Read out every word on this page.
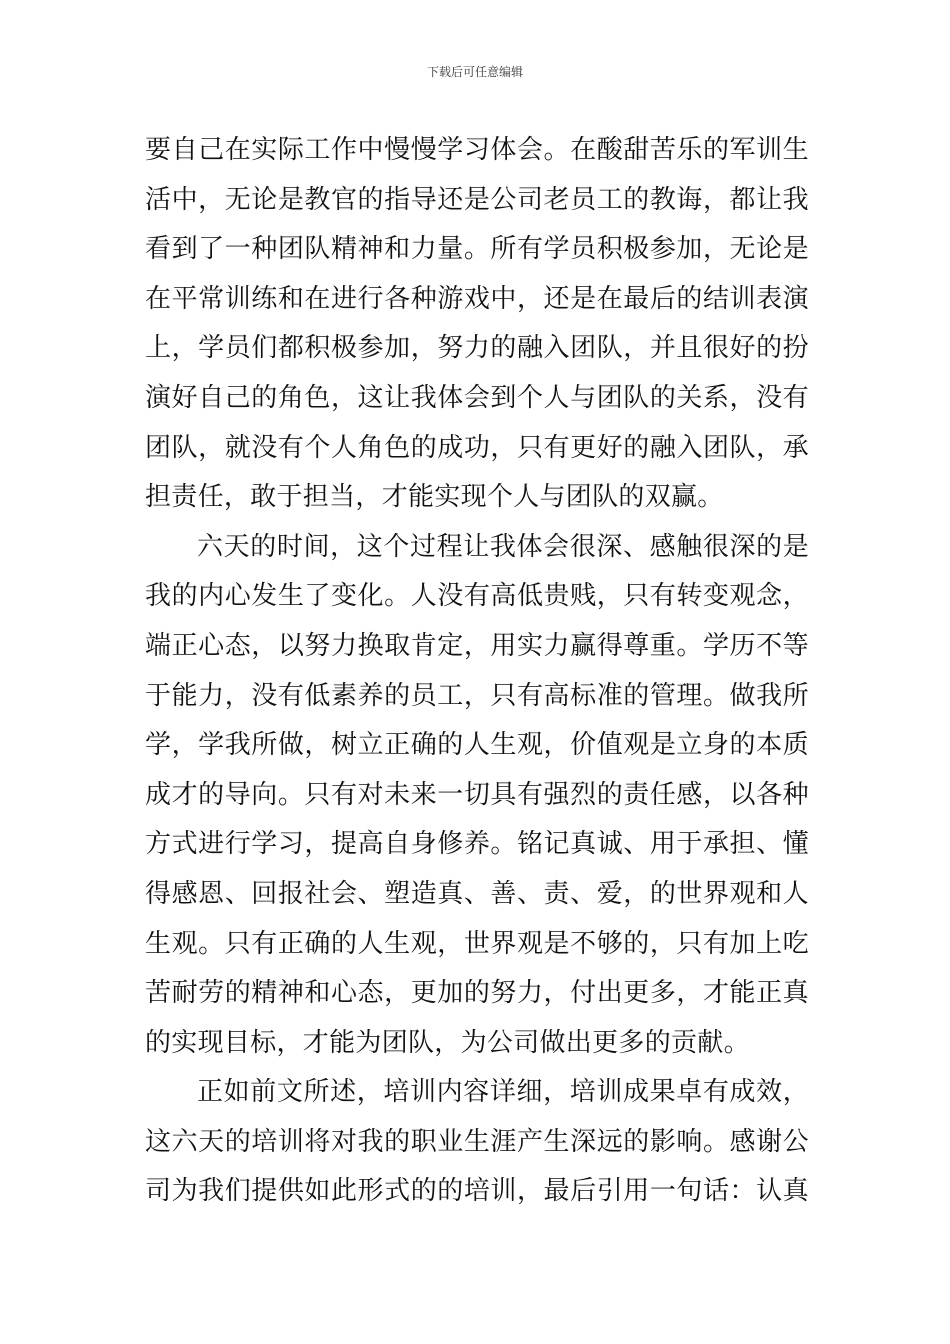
下载后可任意编辑

要自己在实际工作中慢慢学习体会。在酸甜苦乐的军训生
活中，无论是教官的指导还是公司老员工的教诲，都让我
看到了一种团队精神和力量。所有学员积极参加，无论是
在平常训练和在进行各种游戏中，还是在最后的结训表演
上，学员们都积极参加，努力的融入团队，并且很好的扮
演好自己的角色，这让我体会到个人与团队的关系，没有
团队，就没有个人角色的成功，只有更好的融入团队，承
担责任，敢于担当，才能实现个人与团队的双赢。

六天的时间，这个过程让我体会很深、感触很深的是
我的内心发生了变化。人没有高低贵贱，只有转变观念，
端正心态，以努力换取肯定，用实力赢得尊重。学历不等
于能力，没有低素养的员工，只有高标准的管理。做我所
学，学我所做，树立正确的人生观，价值观是立身的本质
成才的导向。只有对未来一切具有强烈的责任感，以各种
方式进行学习，提高自身修养。铭记真诚、用于承担、懂
得感恩、回报社会、塑造真、善、责、爱，的世界观和人
生观。只有正确的人生观，世界观是不够的，只有加上吃
苦耐劳的精神和心态，更加的努力，付出更多，才能正真
的实现目标，才能为团队，为公司做出更多的贡献。

正如前文所述，培训内容详细，培训成果卓有成效，
这六天的培训将对我的职业生涯产生深远的影响。感谢公
司为我们提供如此形式的的培训，最后引用一句话：认真
